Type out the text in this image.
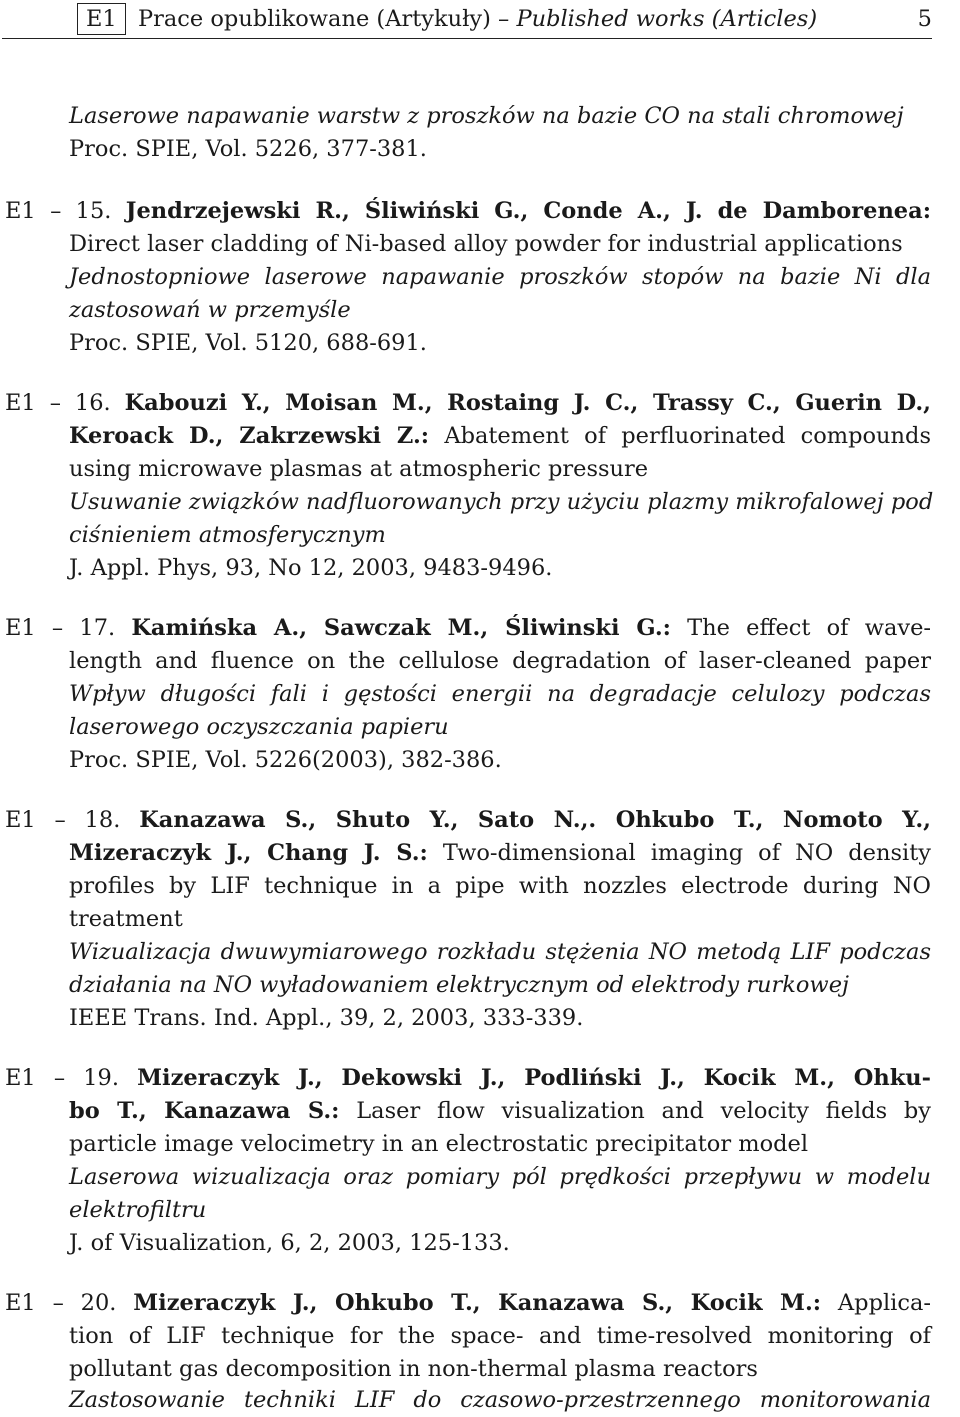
E1 Prace opublikowane (Artykuły) – Published works (Articles)	5
Laserowe napawanie warstw z proszków na bazie CO na stali chromowej
Proc. SPIE, Vol. 5226, 377-381.
E1 – 15. Jendrzejewski R., Śliwiński G., Conde A., J. de Damborenea:
Direct laser cladding of Ni-based alloy powder for industrial applications
Jednostopniowe laserowe napawanie proszków stopów na bazie Ni dla
zastosowań w przemyśle
Proc. SPIE, Vol. 5120, 688-691.
E1 – 16. Kabouzi Y., Moisan M., Rostaing J. C., Trassy C., Guerin D.,
Keroack D., Zakrzewski Z.: Abatement of perfluorinated compounds
using microwave plasmas at atmospheric pressure
Usuwanie związków nadfluorowanych przy użyciu plazmy mikrofalowej pod
ciśnieniem atmosferycznym
J. Appl. Phys, 93, No 12, 2003, 9483-9496.
E1 – 17. Kamińska A., Sawczak M., Śliwinski G.: The effect of wave-
length and fluence on the cellulose degradation of laser-cleaned paper
Wpływ długości fali i gęstości energii na degradacje celulozy podczas
laserowego oczyszczania papieru
Proc. SPIE, Vol. 5226(2003), 382-386.
E1 – 18. Kanazawa S., Shuto Y., Sato N.,. Ohkubo T., Nomoto Y.,
Mizeraczyk J., Chang J. S.: Two-dimensional imaging of NO density
profiles by LIF technique in a pipe with nozzles electrode during NO
treatment
Wizualizacja dwuwymiarowego rozkładu stężenia NO metodą LIF podczas
działania na NO wyładowaniem elektrycznym od elektrody rurkowej
IEEE Trans. Ind. Appl., 39, 2, 2003, 333-339.
E1 – 19. Mizeraczyk J., Dekowski J., Podliński J., Kocik M., Ohku-
bo T., Kanazawa S.: Laser flow visualization and velocity fields by
particle image velocimetry in an electrostatic precipitator model
Laserowa wizualizacja oraz pomiary pól prędkości przepływu w modelu
elektrofiltru
J. of Visualization, 6, 2, 2003, 125-133.
E1 – 20. Mizeraczyk J., Ohkubo T., Kanazawa S., Kocik M.: Applica-
tion of LIF technique for the space- and time-resolved monitoring of
pollutant gas decomposition in non-thermal plasma reactors
Zastosowanie techniki LIF do czasowo-przestrzennego monitorowania
